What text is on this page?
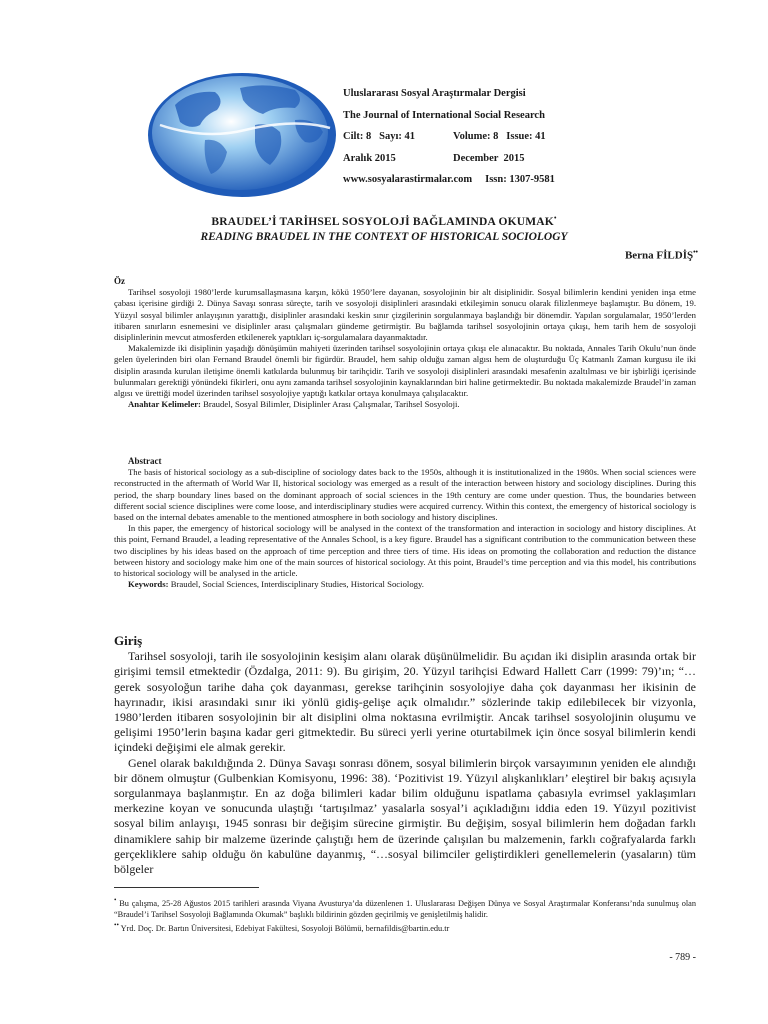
Uluslararası Sosyal Araştırmalar Dergisi
The Journal of International Social Research
Cilt: 8   Sayı: 41	Volume: 8   Issue: 41
Aralık 2015	December  2015
www.sosyalarastirmalar.com Issn: 1307-9581
BRAUDEL’İ TARİHSEL SOSYOLOJİ BAĞLAMINDA OKUMAK•
READING BRAUDEL IN THE CONTEXT OF HISTORICAL SOCIOLOGY
Berna FİLDİŞ••
Öz

Tarihsel sosyoloji 1980’lerde kurumsallaşmasına karşın, kökü 1950’lere dayanan, sosyolojinin bir alt disiplinidir. Sosyal bilimlerin kendini yeniden inşa etme çabası içerisine girdiği 2. Dünya Savaşı sonrası süreçte, tarih ve sosyoloji disiplinleri arasındaki etkileşimin sonucu olarak filizlenmeye başlamıştır. Bu dönem, 19. Yüzyıl sosyal bilimler anlayışının yarattığı, disiplinler arasındaki keskin sınır çizgilerinin sorgulanmaya başlandığı bir dönemdir. Yapılan sorgulamalar, 1950’lerden itibaren sınırların esnemesini ve disiplinler arası çalışmaları gündeme getirmiştir. Bu bağlamda tarihsel sosyolojinin ortaya çıkışı, hem tarih hem de sosyoloji disiplinlerinin mevcut atmosferden etkilenerek yaptıkları iç-sorgulamalara dayanmaktadır.

Makalemizde iki disiplinin yaşadığı dönüşümün mahiyeti üzerinden tarihsel sosyolojinin ortaya çıkışı ele alınacaktır. Bu noktada, Annales Tarih Okulu’nun önde gelen üyelerinden biri olan Fernand Braudel önemli bir figürdür. Braudel, hem sahip olduğu zaman algısı hem de oluşturduğu Üç Katmanlı Zaman kurgusu ile iki disiplin arasında kurulan iletişime önemli katkılarda bulunmuş bir tarihçidir. Tarih ve sosyoloji disiplinleri arasındaki mesafenin azaltılması ve bir işbirliği içerisinde bulunmaları gerektiği yönündeki fikirleri, onu aynı zamanda tarihsel sosyolojinin kaynaklarından biri haline getirmektedir. Bu noktada makalemizde Braudel’in zaman algısı ve ürettiği model üzerinden tarihsel sosyolojiye yaptığı katkılar ortaya konulmaya çalışılacaktır.

Anahtar Kelimeler: Braudel, Sosyal Bilimler, Disiplinler Arası Çalışmalar, Tarihsel Sosyoloji.

Abstract

The basis of historical sociology as a sub-discipline of sociology dates back to the 1950s, although it is institutionalized in the 1980s. When social sciences were reconstructed in the aftermath of World War II, historical sociology was emerged as a result of the interaction between history and sociology disciplines. During this period, the sharp boundary lines based on the dominant approach of social sciences in the 19th century are come under question. Thus, the boundaries between different social science disciplines were come loose, and interdisciplinary studies were acquired currency. Within this context, the emergency of historical sociology is based on the internal debates amenable to the mentioned atmosphere in both sociology and history disciplines.

In this paper, the emergency of historical sociology will be analysed in the context of the transformation and interaction in sociology and history disciplines. At this point, Fernand Braudel, a leading representative of the Annales School, is a key figure. Braudel has a significant contribution to the communication between these two disciplines by his ideas based on the approach of time perception and three tiers of time. His ideas on promoting the collaboration and reduction the distance between history and sociology make him one of the main sources of historical sociology. At this point, Braudel’s time perception and via this model, his contributions to historical sociology will be analysed in the article.

Keywords: Braudel, Social Sciences, Interdisciplinary Studies, Historical Sociology.

Giriş

Tarihsel sosyoloji, tarih ile sosyolojinin kesişim alanı olarak düşünülmelidir. Bu açıdan iki disiplin arasında ortak bir girişimi temsil etmektedir (Özdalga, 2011: 9). Bu girişim, 20. Yüzyıl tarihçisi Edward Hallett Carr (1999: 79)’ın; “… gerek sosyoloğun tarihe daha çok dayanması, gerekse tarihçinin sosyolojiye daha çok dayanması her ikisinin de hayrınadır, ikisi arasındaki sınır iki yönlü gidiş-gelişe açık olmalıdır.” sözlerinde takip edilebilecek bir vizyonla, 1980’lerden itibaren sosyolojinin bir alt disiplini olma noktasına evrilmiştir. Ancak tarihsel sosyolojinin oluşumu ve gelişimi 1950’lerin başına kadar geri gitmektedir. Bu süreci yerli yerine oturtabilmek için önce sosyal bilimlerin kendi içindeki değişimi ele almak gerekir.

Genel olarak bakıldığında 2. Dünya Savaşı sonrası dönem, sosyal bilimlerin birçok varsayımının yeniden ele alındığı bir dönem olmuştur (Gulbenkian Komisyonu, 1996: 38). ‘Pozitivist 19. Yüzyıl alışkanlıkları’ eleştirel bir bakış açısıyla sorgulanmaya başlanmıştır. En az doğa bilimleri kadar bilim olduğunu ispatlama çabasıyla evrimsel yaklaşımları merkezine koyan ve sonucunda ulaştığı ‘tartışılmaz’ yasalarla sosyal’i açıkladığını iddia eden 19. Yüzyıl pozitivist sosyal bilim anlayışı, 1945 sonrası bir değişim sürecine girmiştir. Bu değişim, sosyal bilimlerin hem doğadan farklı dinamiklere sahip bir malzeme üzerinde çalıştığı hem de üzerinde çalışılan bu malzemenin, farklı coğrafyalarda farklı gerçekliklere sahip olduğu ön kabulüne dayanmış, “…sosyal bilimciler geliştirdikleri genellemelerin (yasaların) tüm bölgeler

• Bu çalışma, 25-28 Ağustos 2015 tarihleri arasında Viyana Avusturya’da düzenlenen 1. Uluslararası Değişen Dünya ve Sosyal Araştırmalar Konferansı’nda sunulmuş olan “Braudel’i Tarihsel Sosyoloji Bağlamında Okumak” başlıklı bildirinin gözden geçirilmiş ve genişletilmiş halidir.

•• Yrd. Doç. Dr. Bartın Üniversitesi, Edebiyat Fakültesi, Sosyoloji Bölümü, bernafildis@bartin.edu.tr

- 789 -
